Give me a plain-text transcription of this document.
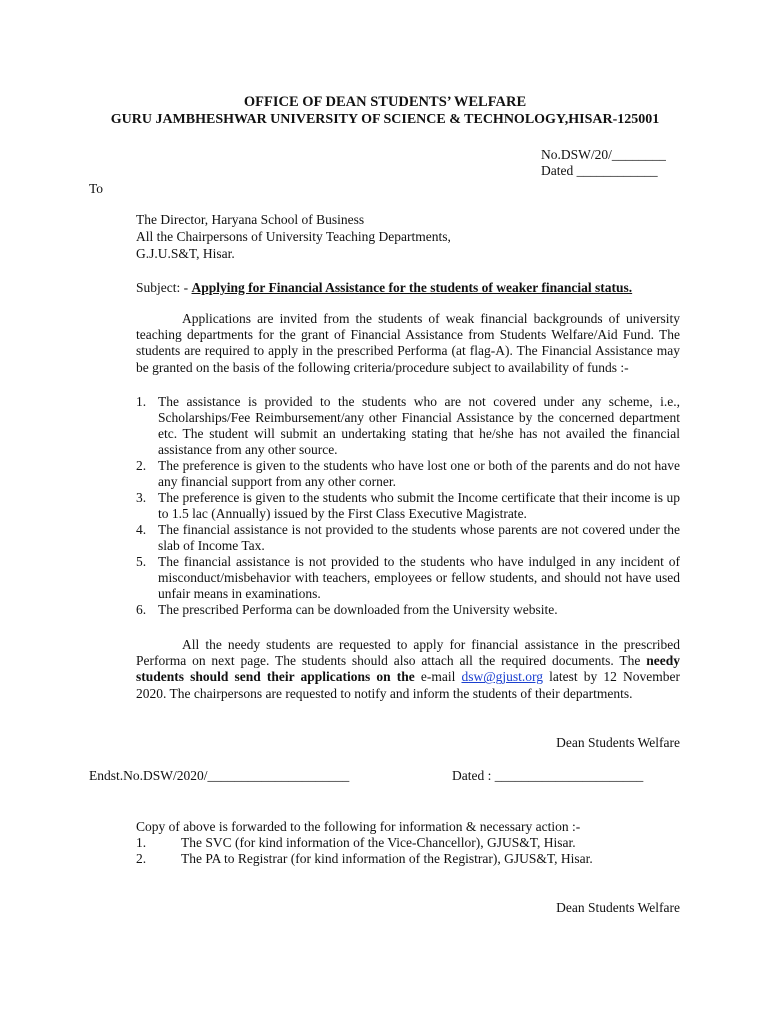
OFFICE OF DEAN STUDENTS’ WELFARE
GURU JAMBHESHWAR UNIVERSITY OF SCIENCE & TECHNOLOGY,HISAR-125001
No.DSW/20/________
Dated ____________
To
The Director, Haryana School of Business
All the Chairpersons of University Teaching Departments,
G.J.U.S&T, Hisar.
Subject: - Applying for Financial Assistance for the students of weaker financial status.
Applications are invited from the students of weak financial backgrounds of university teaching departments for the grant of Financial Assistance from Students Welfare/Aid Fund. The students are required to apply in the prescribed Performa (at flag-A). The Financial Assistance may be granted on the basis of the following criteria/procedure subject to availability of funds :-
1. The assistance is provided to the students who are not covered under any scheme, i.e., Scholarships/Fee Reimbursement/any other Financial Assistance by the concerned department etc. The student will submit an undertaking stating that he/she has not availed the financial assistance from any other source.
2. The preference is given to the students who have lost one or both of the parents and do not have any financial support from any other corner.
3. The preference is given to the students who submit the Income certificate that their income is up to 1.5 lac (Annually) issued by the First Class Executive Magistrate.
4. The financial assistance is not provided to the students whose parents are not covered under the slab of Income Tax.
5. The financial assistance is not provided to the students who have indulged in any incident of misconduct/misbehavior with teachers, employees or fellow students, and should not have used unfair means in examinations.
6. The prescribed Performa can be downloaded from the University website.
All the needy students are requested to apply for financial assistance in the prescribed Performa on next page. The students should also attach all the required documents. The needy students should send their applications on the e-mail dsw@gjust.org latest by 12 November 2020. The chairpersons are requested to notify and inform the students of their departments.
Dean Students Welfare
Endst.No.DSW/2020/_____________________	Dated : ______________________
Copy of above is forwarded to the following for information & necessary action :-
1.	The SVC (for kind information of the Vice-Chancellor), GJUS&T, Hisar.
2.	The PA to Registrar (for kind information of the Registrar), GJUS&T, Hisar.
Dean Students Welfare
